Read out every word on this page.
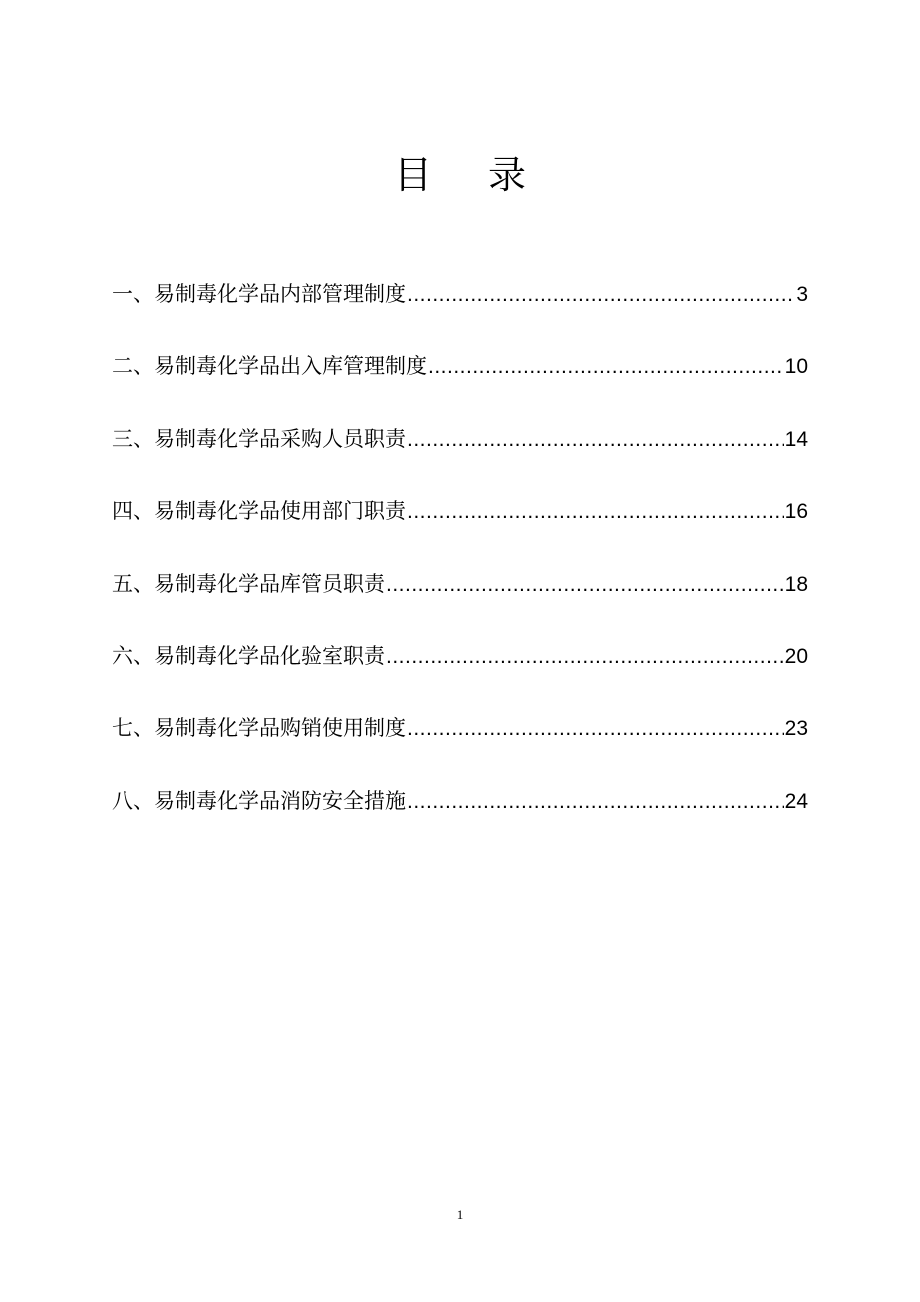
目 录
一、易制毒化学品内部管理制度 .....	3
二、易制毒化学品出入库管理制度 .....	10
三、易制毒化学品采购人员职责 .....	14
四、易制毒化学品使用部门职责 .....	16
五、易制毒化学品库管员职责 .....	18
六、易制毒化学品化验室职责 .....	20
七、易制毒化学品购销使用制度 .....	23
八、易制毒化学品消防安全措施 .....	24
1
